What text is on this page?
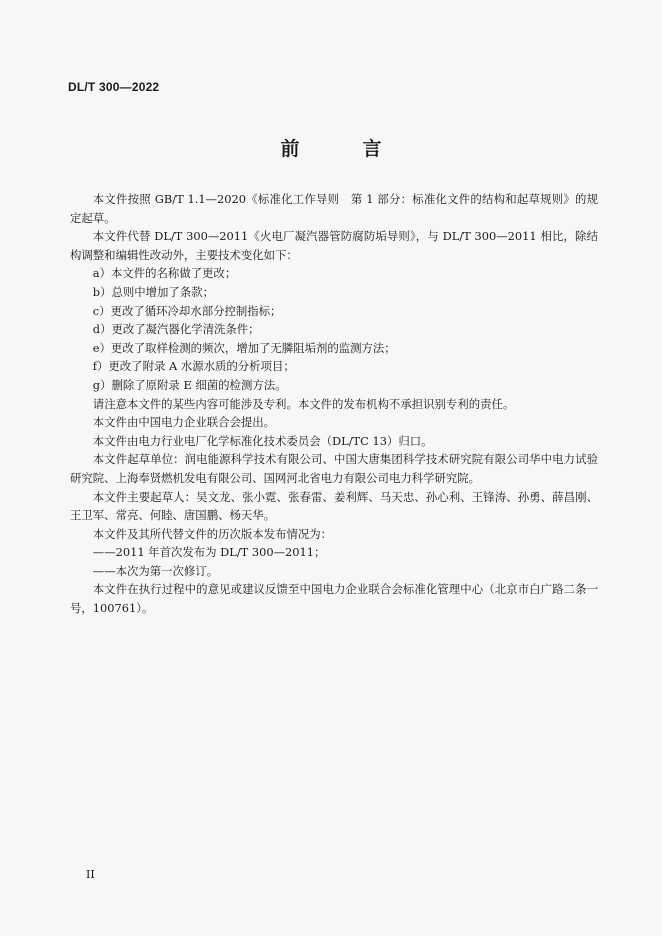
DL/T 300—2022
前　言

本文件按照 GB/T 1.1—2020《标准化工作导则　第 1 部分：标准化文件的结构和起草规则》的规定起草。

本文件代替 DL/T 300—2011《火电厂凝汽器管防腐防垢导则》，与 DL/T 300—2011 相比，除结构调整和编辑性改动外，主要技术变化如下：

a）本文件的名称做了更改；

b）总则中增加了条款；

c）更改了循环冷却水部分控制指标；

d）更改了凝汽器化学清洗条件；

e）更改了取样检测的频次，增加了无膦阻垢剂的监测方法；

f）更改了附录 A 水源水质的分析项目；

g）删除了原附录 E 细菌的检测方法。

请注意本文件的某些内容可能涉及专利。本文件的发布机构不承担识别专利的责任。

本文件由中国电力企业联合会提出。

本文件由电力行业电厂化学标准化技术委员会（DL/TC 13）归口。

本文件起草单位：润电能源科学技术有限公司、中国大唐集团科学技术研究院有限公司华中电力试验研究院、上海奉贤燃机发电有限公司、国网河北省电力有限公司电力科学研究院。

本文件主要起草人：吴文龙、张小霓、张春雷、姜利辉、马天忠、孙心利、王锋涛、孙勇、薛昌刚、王卫军、常亮、何睦、唐国鹏、杨天华。

本文件及其所代替文件的历次版本发布情况为：

——2011 年首次发布为 DL/T 300—2011；

——本次为第一次修订。

本文件在执行过程中的意见或建议反馈至中国电力企业联合会标准化管理中心（北京市白广路二条一号，100761）。

II
